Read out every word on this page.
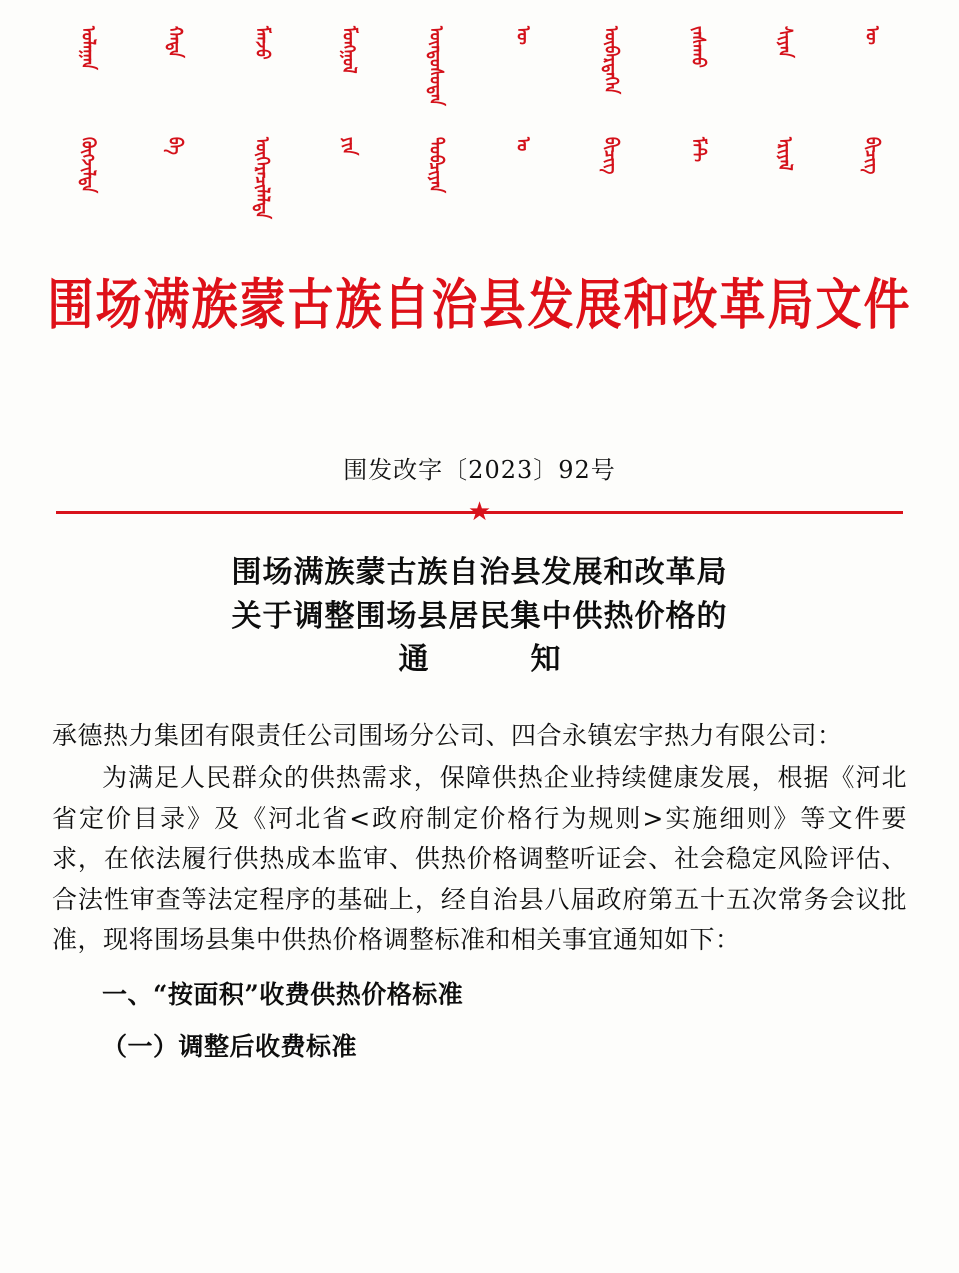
ᠤᠯᠠᠭᠠᠨ	ᠬᠠᠳᠠ	ᠮᠠᠨᠵᠤ	ᠮᠣᠩᠭᠣᠯ	ᠦᠨᠳᠦᠰᠦᠲᠡᠨ	ᠦ	ᠥᠪᠡᠷᠲᠡᠭᠡᠨ	ᠵᠠᠰᠠᠬᠤ	ᠰᠢᠶᠠᠨ	ᠦ
ᠬᠥᠭᠵᠢᠯᠲᠡ	ᠪᠠ	ᠥᠭᠡᠷᠡᠴᠢᠯᠡᠯᠲᠡ	ᠶᠢᠨ	ᠲᠣᠪᠴᠢᠶᠠᠨ	ᠤ	ᠪᠢᠴᠢᠭ	ᠮᠠᠲ	ᠡᠷᠢᠶᠠᠯ	ᠪᠢᠴᠢᠭ
围场满族蒙古族自治县发展和改革局文件
围发改字〔2023〕92号
★
围场满族蒙古族自治县发展和改革局
关于调整围场县居民集中供热价格的
通　　知
承德热力集团有限责任公司围场分公司、四合永镇宏宇热力有限公司：
为满足人民群众的供热需求，保障供热企业持续健康发展，根据《河北省定价目录》及《河北省<政府制定价格行为规则>实施细则》等文件要求，在依法履行供热成本监审、供热价格调整听证会、社会稳定风险评估、合法性审查等法定程序的基础上，经自治县八届政府第五十五次常务会议批准，现将围场县集中供热价格调整标准和相关事宜通知如下：
一、“按面积”收费供热价格标准
（一）调整后收费标准
